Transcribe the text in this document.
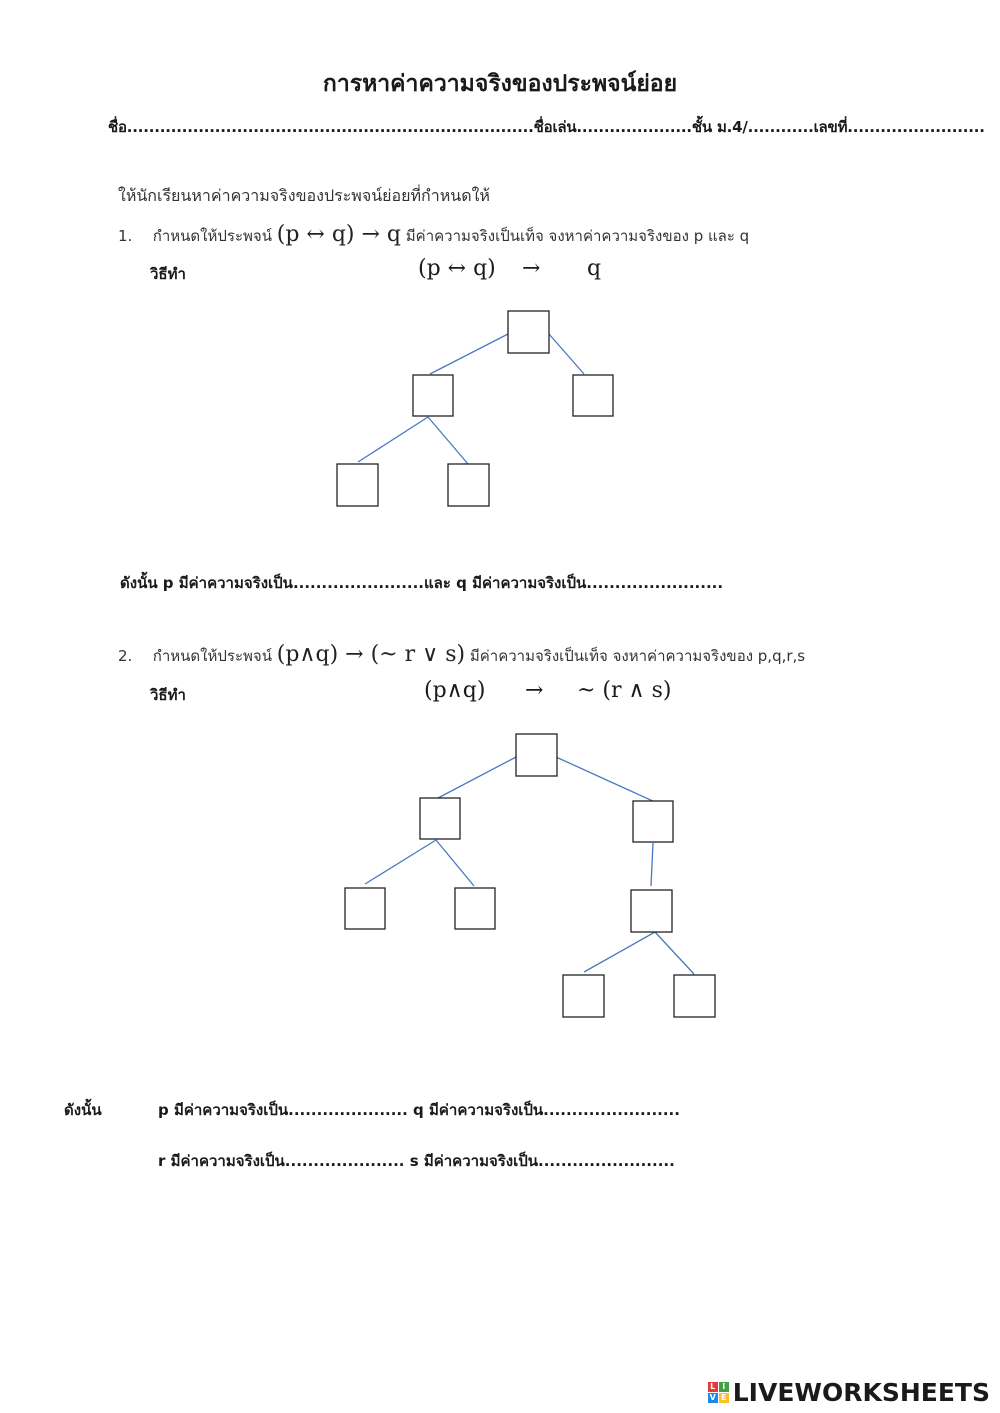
การหาค่าความจริงของประพจน์ย่อย
ชื่อ..........................................................................ชื่อเล่น.....................ชั้น ม.4/............เลขที่.........................
ให้นักเรียนหาค่าความจริงของประพจน์ย่อยที่กำหนดให้
1. กำหนดให้ประพจน์ (p ↔ q) → q มีค่าความจริงเป็นเท็จ จงหาค่าความจริงของ p และ q
วิธีทำ	(p ↔ q) → q
ดังนั้น p มีค่าความจริงเป็น.......................และ q มีค่าความจริงเป็น........................
2. กำหนดให้ประพจน์ (p∧q) → (~ r ∨ s) มีค่าความจริงเป็นเท็จ จงหาค่าความจริงของ p,q,r,s
วิธีทำ	(p∧q) → ~ (r ∧ s)
ดังนั้น	p มีค่าความจริงเป็น..................... q มีค่าความจริงเป็น........................
r มีค่าความจริงเป็น..................... s มีค่าความจริงเป็น........................
L I
V E LIVEWORKSHEETS
